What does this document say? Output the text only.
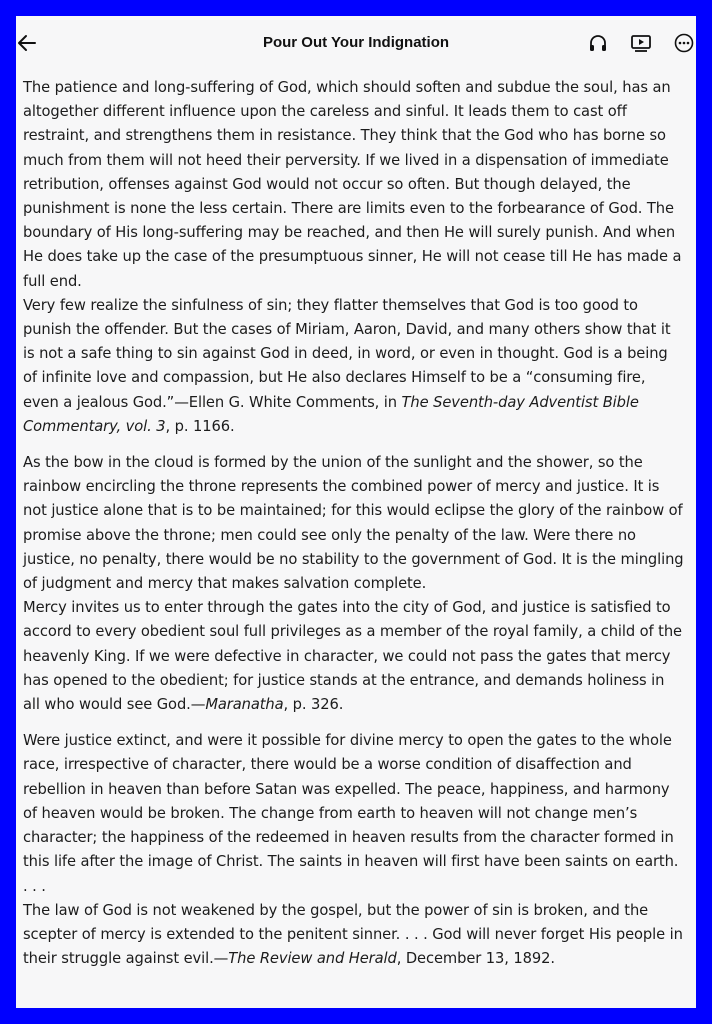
Pour Out Your Indignation

The patience and long-suffering of God, which should soften and subdue the soul, has an altogether different influence upon the careless and sinful. It leads them to cast off restraint, and strengthens them in resistance. They think that the God who has borne so much from them will not heed their perversity. If we lived in a dispensation of immediate retribution, offenses against God would not occur so often. But though delayed, the punishment is none the less certain. There are limits even to the forbearance of God. The boundary of His long-suffering may be reached, and then He will surely punish. And when He does take up the case of the presumptuous sinner, He will not cease till He has made a full end.

Very few realize the sinfulness of sin; they flatter themselves that God is too good to punish the offender. But the cases of Miriam, Aaron, David, and many others show that it is not a safe thing to sin against God in deed, in word, or even in thought. God is a being of infinite love and compassion, but He also declares Himself to be a “consuming fire, even a jealous God.”—Ellen G. White Comments, in The Seventh-day Adventist Bible Commentary, vol. 3, p. 1166.

As the bow in the cloud is formed by the union of the sunlight and the shower, so the rainbow encircling the throne represents the combined power of mercy and justice. It is not justice alone that is to be maintained; for this would eclipse the glory of the rainbow of promise above the throne; men could see only the penalty of the law. Were there no justice, no penalty, there would be no stability to the government of God. It is the mingling of judgment and mercy that makes salvation complete.

Mercy invites us to enter through the gates into the city of God, and justice is satisfied to accord to every obedient soul full privileges as a member of the royal family, a child of the heavenly King. If we were defective in character, we could not pass the gates that mercy has opened to the obedient; for justice stands at the entrance, and demands holiness in all who would see God.—Maranatha, p. 326.

Were justice extinct, and were it possible for divine mercy to open the gates to the whole race, irrespective of character, there would be a worse condition of disaffection and rebellion in heaven than before Satan was expelled. The peace, happiness, and harmony of heaven would be broken. The change from earth to heaven will not change men’s character; the happiness of the redeemed in heaven results from the character formed in this life after the image of Christ. The saints in heaven will first have been saints on earth. . . .

The law of God is not weakened by the gospel, but the power of sin is broken, and the scepter of mercy is extended to the penitent sinner. . . . God will never forget His people in their struggle against evil.—The Review and Herald, December 13, 1892.
